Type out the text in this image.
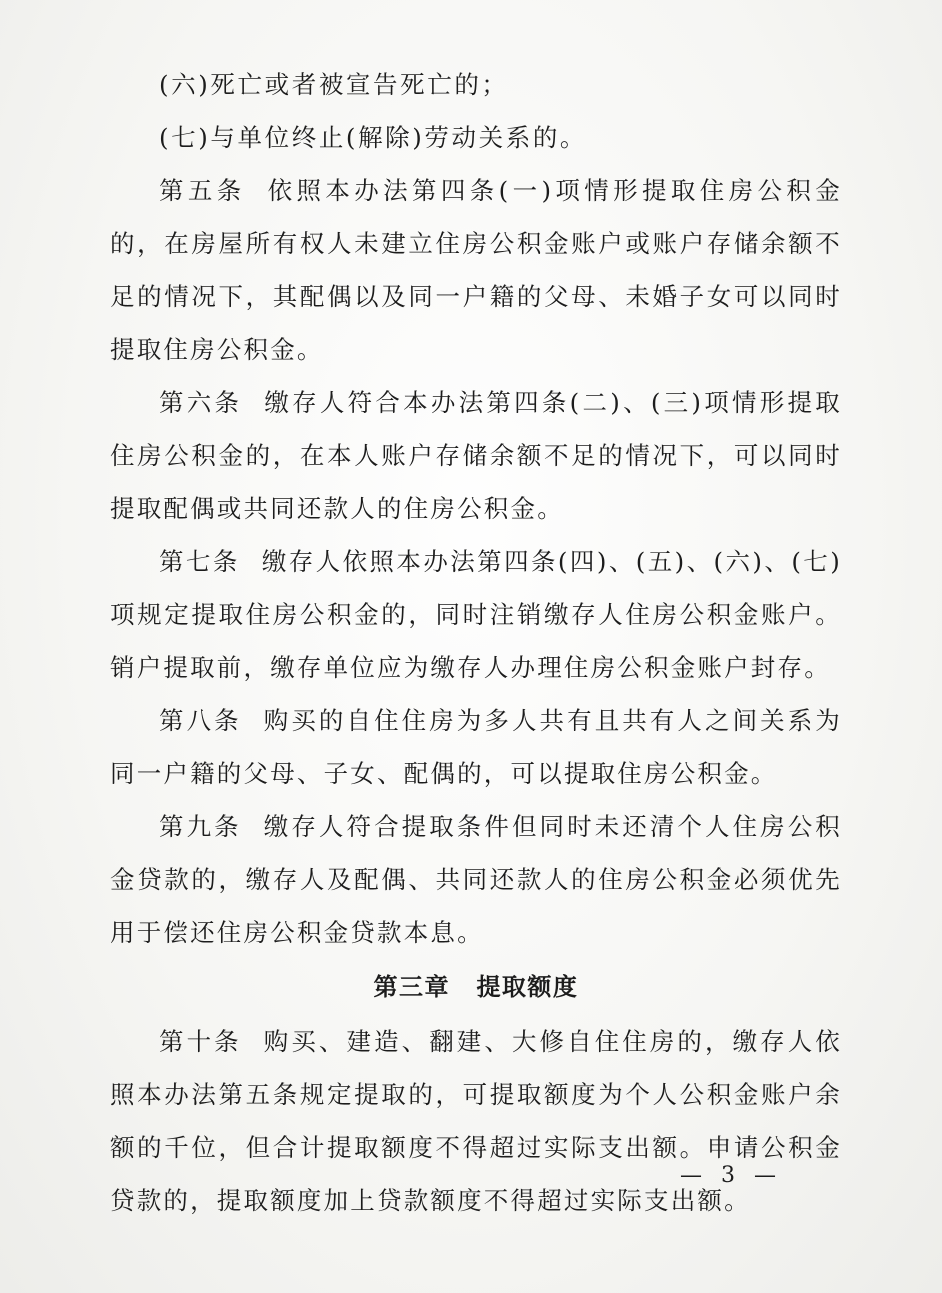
(六)死亡或者被宣告死亡的；

(七)与单位终止(解除)劳动关系的。

第五条 依照本办法第四条(一)项情形提取住房公积金的，在房屋所有权人未建立住房公积金账户或账户存储余额不足的情况下，其配偶以及同一户籍的父母、未婚子女可以同时提取住房公积金。

第六条 缴存人符合本办法第四条(二)、(三)项情形提取住房公积金的，在本人账户存储余额不足的情况下，可以同时提取配偶或共同还款人的住房公积金。

第七条 缴存人依照本办法第四条(四)、(五)、(六)、(七)项规定提取住房公积金的，同时注销缴存人住房公积金账户。销户提取前，缴存单位应为缴存人办理住房公积金账户封存。

第八条 购买的自住住房为多人共有且共有人之间关系为同一户籍的父母、子女、配偶的，可以提取住房公积金。

第九条 缴存人符合提取条件但同时未还清个人住房公积金贷款的，缴存人及配偶、共同还款人的住房公积金必须优先用于偿还住房公积金贷款本息。

第三章 提取额度

第十条 购买、建造、翻建、大修自住住房的，缴存人依照本办法第五条规定提取的，可提取额度为个人公积金账户余额的千位，但合计提取额度不得超过实际支出额。申请公积金贷款的，提取额度加上贷款额度不得超过实际支出额。

— 3 —
